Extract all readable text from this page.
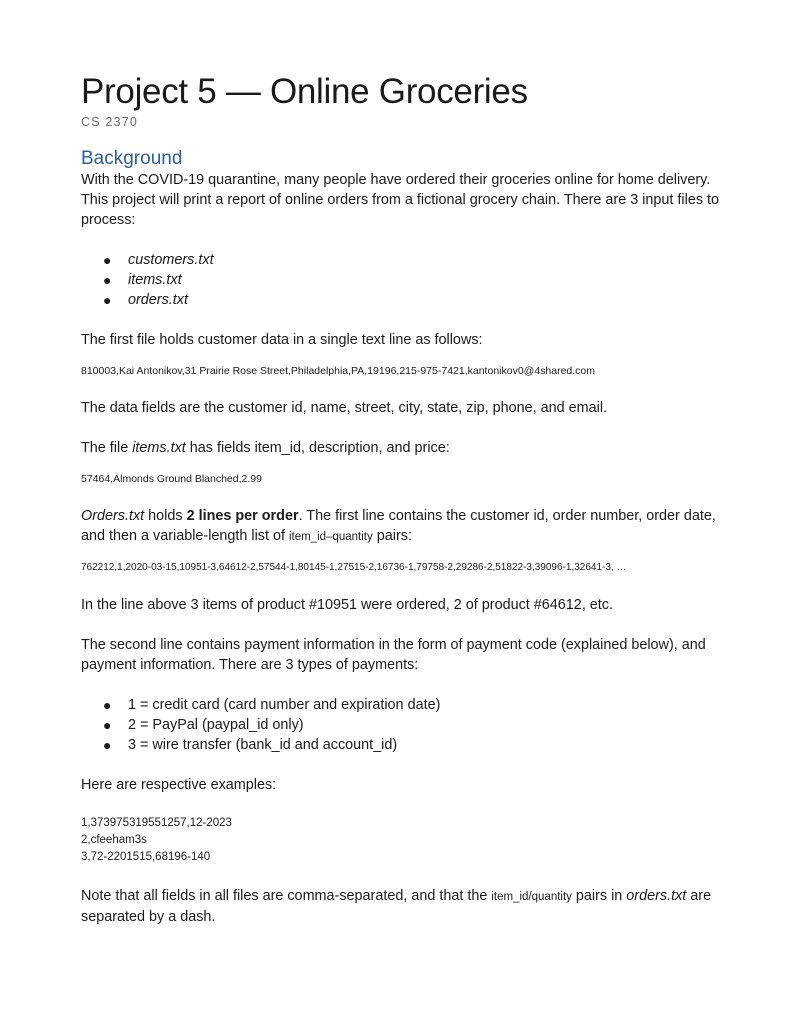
Project 5 — Online Groceries
CS 2370
Background

With the COVID-19 quarantine, many people have ordered their groceries online for home delivery. This project will print a report of online orders from a fictional grocery chain. There are 3 input files to process:

● customers.txt
● items.txt
● orders.txt

The first file holds customer data in a single text line as follows:

810003,Kai Antonikov,31 Prairie Rose Street,Philadelphia,PA,19196,215-975-7421,kantonikov0@4shared.com

The data fields are the customer id, name, street, city, state, zip, phone, and email.

The file items.txt has fields item_id, description, and price:

57464,Almonds Ground Blanched,2.99

Orders.txt holds 2 lines per order. The first line contains the customer id, order number, order date, and then a variable-length list of item_id–quantity pairs:

762212,1,2020-03-15,10951-3,64612-2,57544-1,80145-1,27515-2,16736-1,79758-2,29286-2,51822-3,39096-1,32641-3, …

In the line above 3 items of product #10951 were ordered, 2 of product #64612, etc.

The second line contains payment information in the form of payment code (explained below), and payment information. There are 3 types of payments:

● 1 = credit card (card number and expiration date)
● 2 = PayPal (paypal_id only)
● 3 = wire transfer (bank_id and account_id)

Here are respective examples:

1,373975319551257,12-2023
2,cfeeham3s
3,72-2201515,68196-140

Note that all fields in all files are comma-separated, and that the item_id/quantity pairs in orders.txt are separated by a dash.
